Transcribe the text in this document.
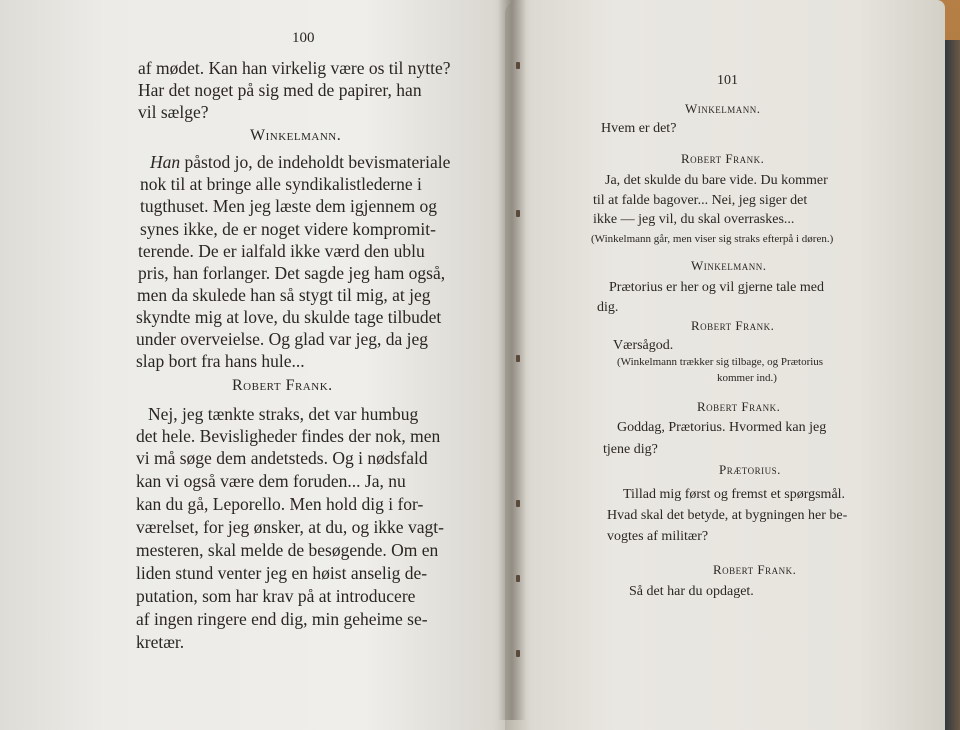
100
af mødet. Kan han virkelig være os til nytte?
Har det noget på sig med de papirer, han
vil sælge?
Winkelmann.
Han påstod jo, de indeholdt bevismateriale
nok til at bringe alle syndikalistlederne i
tugthuset. Men jeg læste dem igjennem og
synes ikke, de er noget videre kompromit-
terende. De er ialfald ikke værd den ublu
pris, han forlanger. Det sagde jeg ham også,
men da skulede han så stygt til mig, at jeg
skyndte mig at love, du skulde tage tilbudet
under overveielse. Og glad var jeg, da jeg
slap bort fra hans hule...
Robert Frank.
Nej, jeg tænkte straks, det var humbug
det hele. Bevisligheder findes der nok, men
vi må søge dem andetsteds. Og i nødsfald
kan vi også være dem foruden... Ja, nu
kan du gå, Leporello. Men hold dig i for-
værelset, for jeg ønsker, at du, og ikke vagt-
mesteren, skal melde de besøgende. Om en
liden stund venter jeg en høist anselig de-
putation, som har krav på at introducere
af ingen ringere end dig, min geheime se-
kretær.
101
Winkelmann.
Hvem er det?
Robert Frank.
Ja, det skulde du bare vide. Du kommer
til at falde bagover... Nei, jeg siger det
ikke — jeg vil, du skal overraskes...
(Winkelmann går, men viser sig straks efterpå i døren.)
Winkelmann.
Prætorius er her og vil gjerne tale med
dig.
Robert Frank.
Værsågod.
(Winkelmann trækker sig tilbage, og Prætorius
kommer ind.)
Robert Frank.
Goddag, Prætorius. Hvormed kan jeg
tjene dig?
Prætorius.
Tillad mig først og fremst et spørgsmål.
Hvad skal det betyde, at bygningen her be-
vogtes af militær?
Robert Frank.
Så det har du opdaget.
